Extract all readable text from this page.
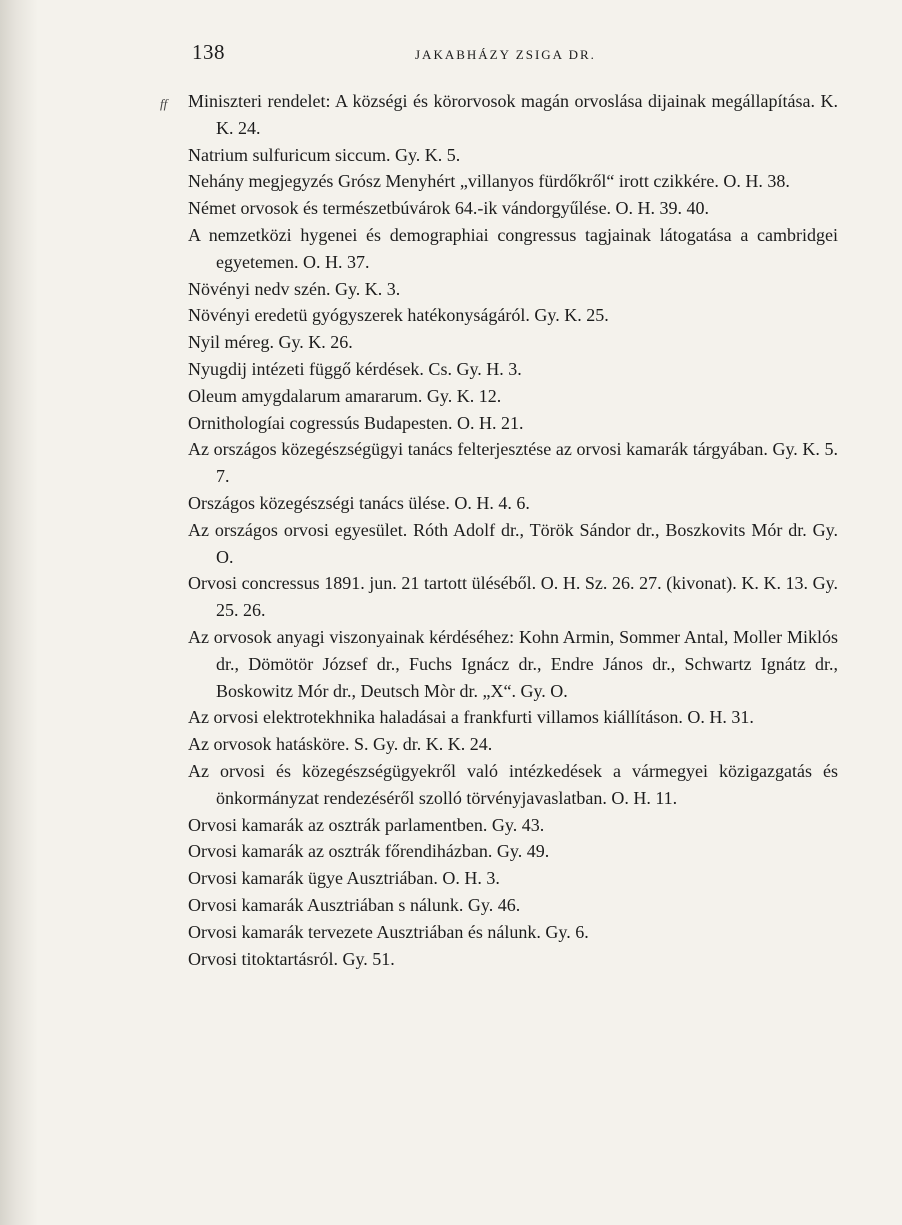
138	JAKABHÁZY ZSIGA DR.
ff Miniszteri rendelet: A községi és körorvosok magán orvoslása dijainak megállapítása. K. K. 24.

Natrium sulfuricum siccum. Gy. K. 5.

Nehány megjegyzés Grósz Menyhért „villanyos fürdőkről“ irott czikkére. O. H. 38.

Német orvosok és természetbúvárok 64.-ik vándorgyűlése. O. H. 39. 40.

A nemzetközi hygenei és demographiai congressus tagjainak látogatása a cambridgei egyetemen. O. H. 37.

Növényi nedv szén. Gy. K. 3.

Növényi eredetü gyógyszerek hatékonyságáról. Gy. K. 25.

Nyil méreg. Gy. K. 26.

Nyugdij intézeti függő kérdések. Cs. Gy. H. 3.

Oleum amygdalarum amararum. Gy. K. 12.

Ornithologíai cogressús Budapesten. O. H. 21.

Az országos közegészségügyi tanács felterjesztése az orvosi kamarák tárgyában. Gy. K. 5. 7.

Országos közegészségi tanács ülése. O. H. 4. 6.

Az országos orvosi egyesület. Róth Adolf dr., Török Sándor dr., Boszkovits Mór dr. Gy. O.

Orvosi concressus 1891. jun. 21 tartott üléséből. O. H. Sz. 26. 27. (kivonat). K. K. 13. Gy. 25. 26.

Az orvosok anyagi viszonyainak kérdéséhez: Kohn Armin, Sommer Antal, Moller Miklós dr., Dömötör József dr., Fuchs Ignácz dr., Endre János dr., Schwartz Ignátz dr., Boskowitz Mór dr., Deutsch Mòr dr. „X“. Gy. O.

Az orvosi elektrotekhnika haladásai a frankfurti villamos kiállításon. O. H. 31.

Az orvosok hatásköre. S. Gy. dr. K. K. 24.

Az orvosi és közegészségügyekről való intézkedések a vármegyei közigazgatás és önkormányzat rendezéséről szolló törvényjavaslatban. O. H. 11.

Orvosi kamarák az osztrák parlamentben. Gy. 43.

Orvosi kamarák az osztrák főrendiházban. Gy. 49.

Orvosi kamarák ügye Ausztriában. O. H. 3.

Orvosi kamarák Ausztriában s nálunk. Gy. 46.

Orvosi kamarák tervezete Ausztriában és nálunk. Gy. 6.

Orvosi titoktartásról. Gy. 51.
